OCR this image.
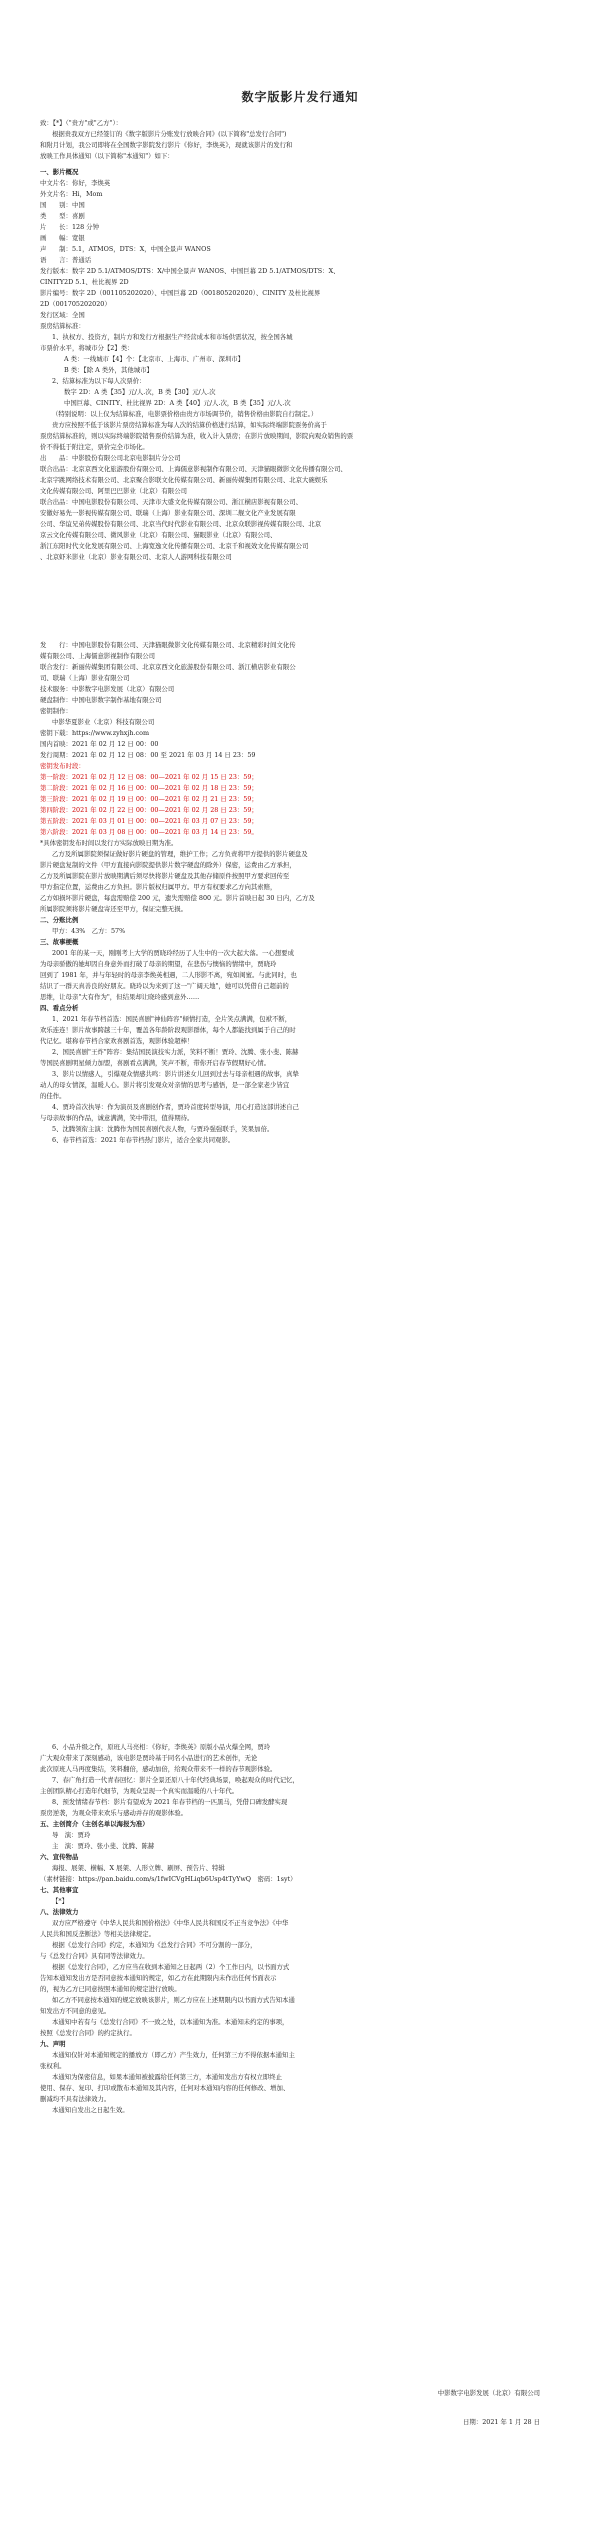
数字版影片发行通知

致：【*】（"贵方"或"乙方"）：

根据贵我双方已经签订的《数字版影片分账发行放映合同》(以下简称"总发行合同")

和附月计划，我公司即将在全国数字影院发行影片《你好，李焕英》，现就该影片的发行和

放映工作具体通知（以下简称"本通知"）如下：

一、影片概况

中文片名：你好，李焕英

外文片名：Hi，Mom

国　　别：中国

类　　型：喜剧

片　　长：128 分钟

画　　幅：宽银

声　　制：5.1，ATMOS，DTS：X，中国全景声 WANOS

语　　言：普通话

发行版本：数字 2D 5.1/ATMOS/DTS：X/中国全景声 WANOS、中国巨幕 2D 5.1/ATMOS/DTS：X、

CINITY2D 5.1、杜比视界 2D

影片编号：数字 2D（001105202020）、中国巨幕 2D（001805202020）、CINITY 及杜比视界

2D（001705202020）

发行区域：全国

票房结算标准：

1、执权方、投资方，制片方和发行方根据生产经营成本和市场供需状况，按全国各城

市票价水平，将城市分【2】类：

A 类：一线城市【4】个：【北京市、上海市、广州市、深圳市】

B 类：【除 A 类外，其他城市】

2、结算标准为以下每人次票价：

数字 2D：A 类【35】元/人.次，B 类【30】元/人.次

中国巨幕、CINITY、杜比视界 2D：A 类【40】元/人.次，B 类【35】元/人.次

（特别说明：以上仅为结算标准，电影票价格由贵方市场调节价，销售价格由影院自行制定。）

贵方应按照不低于该影片票房结算标准为每人次的结算价格进行结算，如实际终端影院票务价高于

票房结算标准的，则以实际终端影院销售票价结算为准，收入计入票房；在影片放映期间，影院向观众销售的票

价不得低于附注定，票价完全市场化。

出　　品：中影股份有限公司北京电影制片分公司

联合出品：北京京西文化旅游股份有限公司、上海儒意影视制作有限公司、天津猫眼微影文化传播有限公司、

北京字跳网络技术有限公司、北京聚合影联文化传媒有限公司、新丽传媒集团有限公司、北京大碗娱乐

文化传媒有限公司、阿里巴巴影业（北京）有限公司

联合出品：中国电影股份有限公司、天津市大盛文化传媒有限公司、浙江横店影视有限公司、

安徽好易先一影视传媒有限公司、联瑞（上海）影业有限公司、深圳二舰文化产业发展有限

公司、华谊兄弟传媒股份有限公司、北京当代时代影业有限公司、北京众联影视传媒有限公司、北京

京云文化传媒有限公司、微风影业（北京）有限公司、猫眼影业（北京）有限公司、

浙江东阳时代文化发展有限公司、上海宽逸文化传播有限公司、北京千和视效文化传媒有限公司

、北京虾米影业（北京）影业有限公司、北京人人游网科技有限公司

发　　行：中国电影股份有限公司、天津猫眼微影文化传媒有限公司、北京精彩时间文化传

媒有限公司、上海儒意影视制作有限公司

联合发行：新丽传媒集团有限公司、北京京西文化旅游股份有限公司、浙江横店影业有限公

司、联瑞（上海）影业有限公司

技术服务：中影数字电影发展（北京）有限公司

硬盘制作：中国电影数字制作基地有限公司

密钥制作：

中影华夏影业（北京）科技有限公司

密钥下载：https://www.zyhxjh.com

国内首映：2021 年 02 月 12 日 00：00

发行周期：2021 年 02 月 12 日 08：00 至 2021 年 03 月 14 日 23：59

密钥发布时段：

第一阶段：2021 年 02 月 12 日 08：00—2021 年 02 月 15 日 23：59；

第二阶段：2021 年 02 月 16 日 00：00—2021 年 02 月 18 日 23：59；

第三阶段：2021 年 02 月 19 日 00：00—2021 年 02 月 21 日 23：59；

第四阶段：2021 年 02 月 22 日 00：00—2021 年 02 月 28 日 23：59；

第五阶段：2021 年 03 月 01 日 00：00—2021 年 03 月 07 日 23：59；

第六阶段：2021 年 03 月 08 日 00：00—2021 年 03 月 14 日 23：59。

*具体密钥发布时间以发行方实际放映日期为准。

乙方及所属影院须保证做好影片硬盘的管理，维护工作；乙方负责将甲方提供的影片硬盘及

影片硬盘复制的文件（甲方直接向影院提供影片数字硬盘的除外）保密，运费由乙方承担，

乙方及所属影院在影片放映期满后须尽快将影片硬盘及其他存储原件按照甲方要求回传至

甲方指定位置，运费由乙方负担。影片版权归属甲方。甲方有权要求乙方向其索赔，

乙方如损坏影片硬盘，每盘需赔偿 200 元，遗失需赔偿 800 元。影片首映日起 30 日内，乙方及

所属影院须将影片硬盘寄还至甲方，保证完整无损。

二、分账比例

甲方：43%　乙方：57%

三、故事梗概

2001 年的某一天，刚刚考上大学的贾晓玲经历了人生中的一次大起大落。一心想要成

为母亲骄傲的她却因自身意外而打破了母亲的期望，在悲伤与懊恼的情绪中，贾晓玲

回到了 1981 年，并与年轻时的母亲李焕英相遇，二人形影不离，宛如闺蜜。与此同时，也

结识了一群天真善良的好朋友。晓玲以为来到了这一"广阔天地"，她可以凭借自己超前的

思维，让母亲"大有作为"，但结果却让晓玲感到意外……

四、看点分析

1、2021 年春节档首选：国民喜剧"神仙阵容"倾情打造，全片笑点满满，包袱不断，

欢乐连连！影片故事跨越三十年，覆盖各年龄阶段观影群体，每个人都能找到属于自己的时

代记忆。堪称春节档合家欢喜剧首选，观影体验超棒！

2、国民喜剧"王炸"阵容：集结国民演技实力派，笑料不断！贾玲、沈腾、张小斐、陈赫

等国民喜剧明星倾力加盟，喜剧看点满满，笑声不断，带你开启春节假期好心情。

3、影片以情感人，引爆观众情感共鸣：影片讲述女儿回到过去与母亲相遇的故事，真挚

动人的母女情深，温暖人心。影片将引发观众对亲情的思考与感悟，是一部全家老少皆宜

的佳作。

4、贾玲首次执导：作为演员及喜剧创作者，贾玲首度转型导演，用心打造这部讲述自己

与母亲故事的作品，诚意满满，笑中带泪，值得期待。

5、沈腾领衔主演：沈腾作为国民喜剧代表人物，与贾玲强强联手，笑果加倍。

6、春节档首选：2021 年春节档热门影片，适合全家共同观影。

6、小品升级之作，原班人马亮相：《你好，李焕英》原版小品火爆全网，贾玲

广大观众带来了深刻感动，该电影是贾玲基于同名小品进行的艺术创作，无论

此次原班人马再度集结，笑料翻倍，感动加倍，给观众带来不一样的春节观影体验。

7、春广角打造一代青春回忆：影片全景还原八十年代经典场景，唤起观众的时代记忆，

主创团队精心打造年代细节，为观众呈现一个真实而温暖的八十年代。

8、预发情绪春节档：影片有望成为 2021 年春节档的一匹黑马，凭借口碑发酵实现

票房逆袭，为观众带来欢乐与感动并存的观影体验。

五、主创简介（主创名单以海报为准）

导　演：贾玲

主　演：贾玲、张小斐、沈腾、陈赫

六、宣传物品

海报、展架、横幅、X 展架、人形立牌、刷屏、预告片、特辑

（素材链接：https://pan.baidu.com/s/1fwICVgHLiqb6Usp4tTyYwQ　密码：1syt）

七、其他事宜

【*】

八、法律效力

双方应严格遵守《中华人民共和国价格法》《中华人民共和国反不正当竞争法》《中华

人民共和国反垄断法》等相关法律规定。

根据《总发行合同》约定，本通知为《总发行合同》不可分割的一部分，

与《总发行合同》具有同等法律效力。

根据《总发行合同》，乙方应当在收到本通知之日起两（2）个工作日内，以书面方式

告知本通知发出方是否同意按本通知的规定，如乙方在此期限内未作出任何书面表示

的，视为乙方已同意按照本通知的规定进行放映。

如乙方不同意按本通知的规定放映该影片，则乙方应在上述期限内以书面方式告知本通

知发出方不同意的意见。

本通知中若有与《总发行合同》不一致之处，以本通知为准。本通知未约定的事项，

按照《总发行合同》的约定执行。

九、声明

本通知仅针对本通知规定的播放方（即乙方）产生效力，任何第三方不得依据本通知主

张权利。

本通知为保密信息，如果本通知被披露给任何第三方，本通知发出方有权立即终止

使用、保存、复印、打印或散布本通知及其内容，任何对本通知内容的任何修改、增加、

删减均不具有法律效力。

本通知自发出之日起生效。

中影数字电影发展（北京）有限公司

日期：2021 年 1 月 28 日
